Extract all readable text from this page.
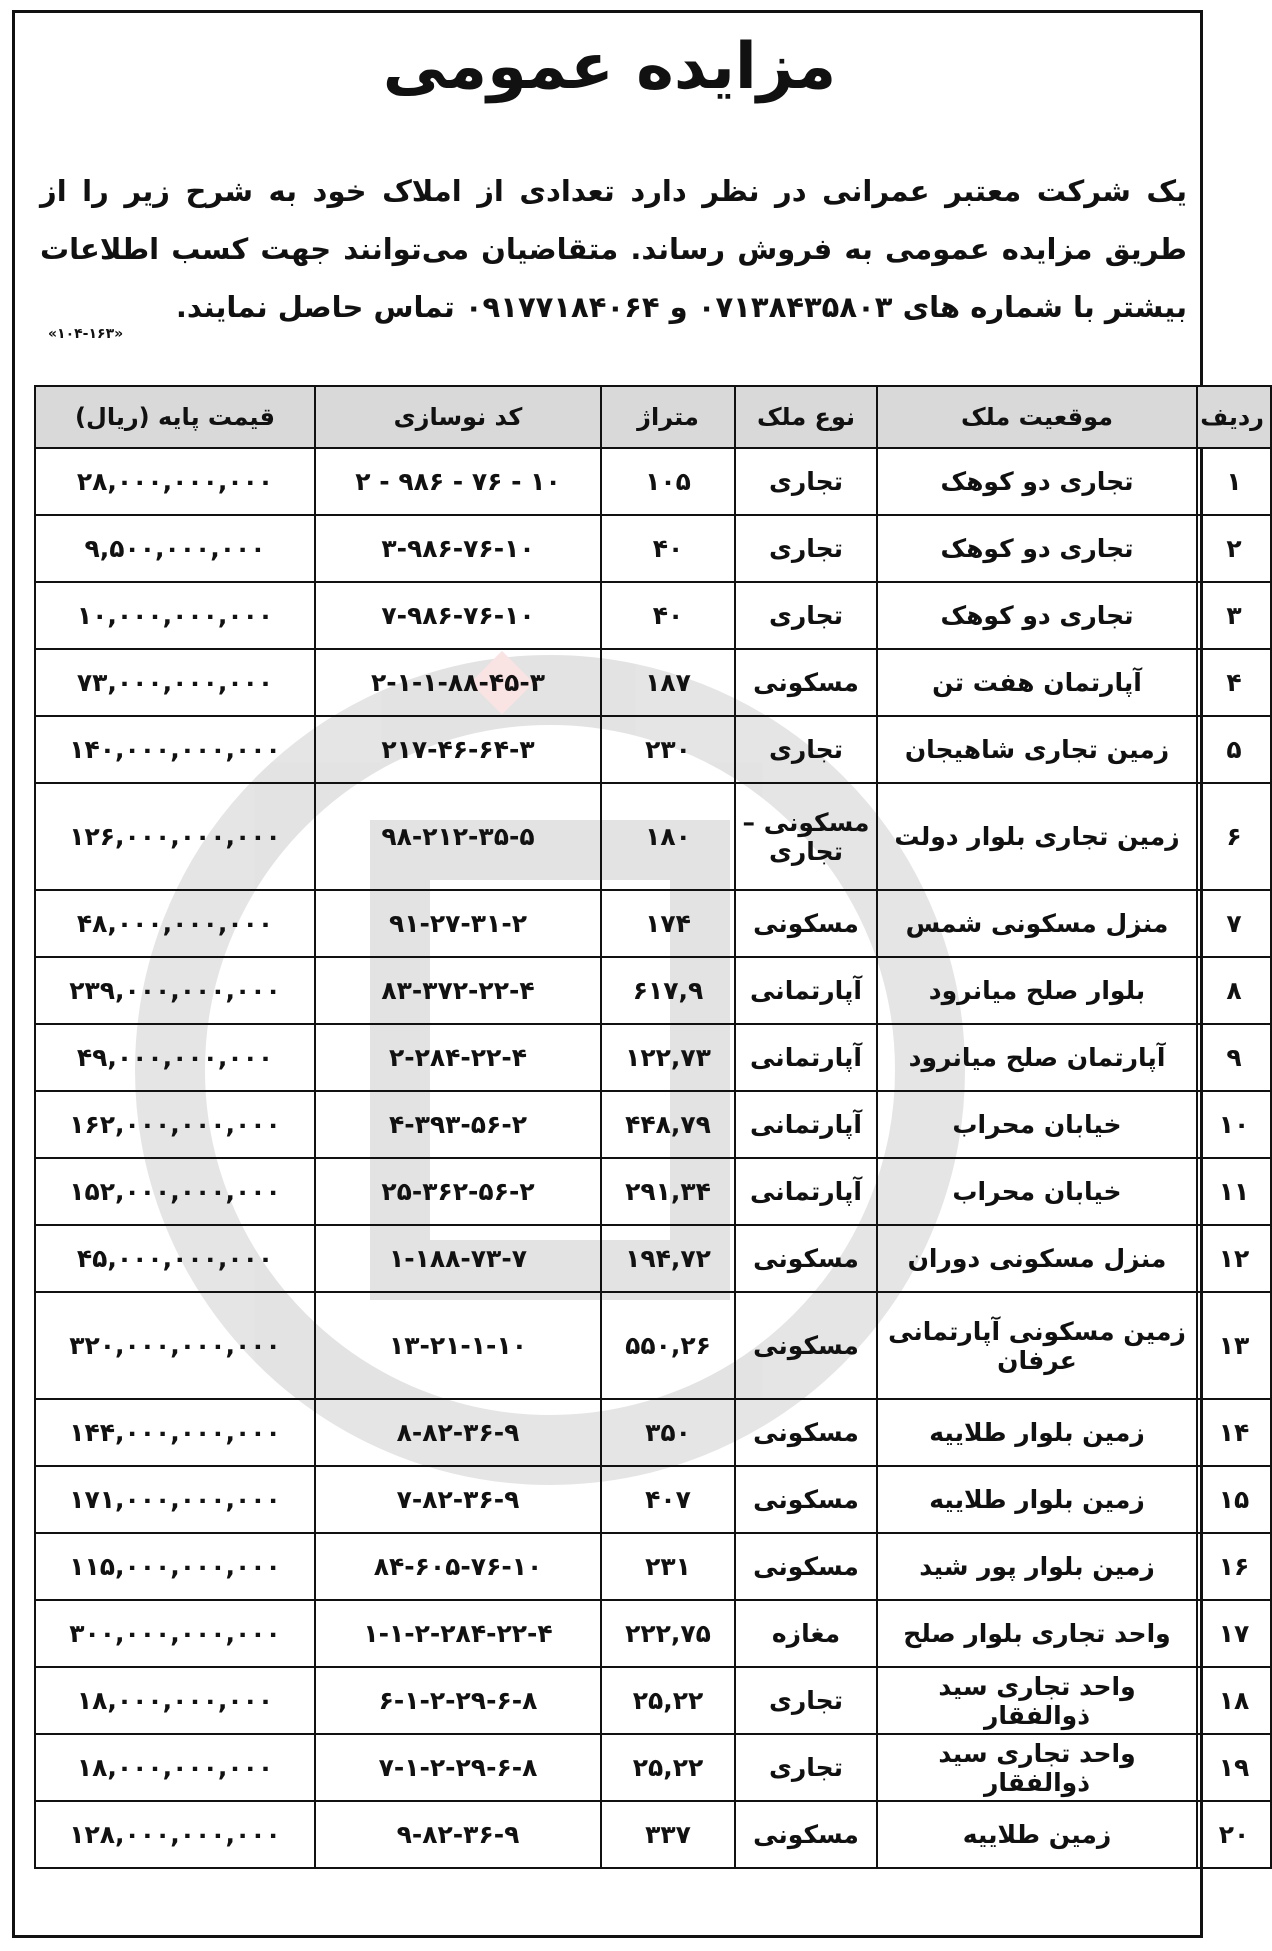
مزایده عمومی
یک شرکت معتبر عمرانی در نظر دارد تعدادی از املاک خود به شرح زیر را از طریق مزایده عمومی به فروش رساند. متقاضیان می‌توانند جهت کسب اطلاعات بیشتر با شماره های ۰۷۱۳۸۴۳۵۸۰۳ و ۰۹۱۷۷۱۸۴۰۶۴ تماس حاصل نمایند.
«۱۰۴-۱۶۳»
ردیف	موقعیت ملک	نوع ملک	متراژ	کد نوسازی	قیمت پایه (ریال)
۱	تجاری دو کوهک	تجاری	۱۰۵	۲ - ۹۸۶ - ۷۶ - ۱۰	۲۸,۰۰۰,۰۰۰,۰۰۰
۲	تجاری دو کوهک	تجاری	۴۰	۳-۹۸۶-۷۶-۱۰	۹,۵۰۰,۰۰۰,۰۰۰
۳	تجاری دو کوهک	تجاری	۴۰	۷-۹۸۶-۷۶-۱۰	۱۰,۰۰۰,۰۰۰,۰۰۰
۴	آپارتمان هفت تن	مسکونی	۱۸۷	۲-۱-۱-۸۸-۴۵-۳	۷۳,۰۰۰,۰۰۰,۰۰۰
۵	زمین تجاری شاهیجان	تجاری	۲۳۰	۲۱۷-۴۶-۶۴-۳	۱۴۰,۰۰۰,۰۰۰,۰۰۰
۶	زمین تجاری بلوار دولت	مسکونی – تجاری	۱۸۰	۹۸-۲۱۲-۳۵-۵	۱۲۶,۰۰۰,۰۰۰,۰۰۰
۷	منزل مسکونی شمس	مسکونی	۱۷۴	۹۱-۲۷-۳۱-۲	۴۸,۰۰۰,۰۰۰,۰۰۰
۸	بلوار صلح میانرود	آپارتمانی	۶۱۷,۹	۸۳-۳۷۲-۲۲-۴	۲۳۹,۰۰۰,۰۰۰,۰۰۰
۹	آپارتمان صلح میانرود	آپارتمانی	۱۲۲,۷۳	۲-۲۸۴-۲۲-۴	۴۹,۰۰۰,۰۰۰,۰۰۰
۱۰	خیابان محراب	آپارتمانی	۴۴۸,۷۹	۴-۳۹۳-۵۶-۲	۱۶۲,۰۰۰,۰۰۰,۰۰۰
۱۱	خیابان محراب	آپارتمانی	۲۹۱,۳۴	۲۵-۳۶۲-۵۶-۲	۱۵۲,۰۰۰,۰۰۰,۰۰۰
۱۲	منزل مسکونی دوران	مسکونی	۱۹۴,۷۲	۱-۱۸۸-۷۳-۷	۴۵,۰۰۰,۰۰۰,۰۰۰
۱۳	زمین مسکونی آپارتمانی عرفان	مسکونی	۵۵۰,۲۶	۱۳-۲۱-۱-۱۰	۳۲۰,۰۰۰,۰۰۰,۰۰۰
۱۴	زمین بلوار طلاییه	مسکونی	۳۵۰	۸-۸۲-۳۶-۹	۱۴۴,۰۰۰,۰۰۰,۰۰۰
۱۵	زمین بلوار طلاییه	مسکونی	۴۰۷	۷-۸۲-۳۶-۹	۱۷۱,۰۰۰,۰۰۰,۰۰۰
۱۶	زمین بلوار پور شید	مسکونی	۲۳۱	۸۴-۶۰۵-۷۶-۱۰	۱۱۵,۰۰۰,۰۰۰,۰۰۰
۱۷	واحد تجاری بلوار صلح	مغازه	۲۲۲,۷۵	۱-۱-۲-۲۸۴-۲۲-۴	۳۰۰,۰۰۰,۰۰۰,۰۰۰
۱۸	واحد تجاری سید ذوالفقار	تجاری	۲۵,۲۲	۶-۱-۲-۲۹-۶-۸	۱۸,۰۰۰,۰۰۰,۰۰۰
۱۹	واحد تجاری سید ذوالفقار	تجاری	۲۵,۲۲	۷-۱-۲-۲۹-۶-۸	۱۸,۰۰۰,۰۰۰,۰۰۰
۲۰	زمین طلاییه	مسکونی	۳۳۷	۹-۸۲-۳۶-۹	۱۲۸,۰۰۰,۰۰۰,۰۰۰
